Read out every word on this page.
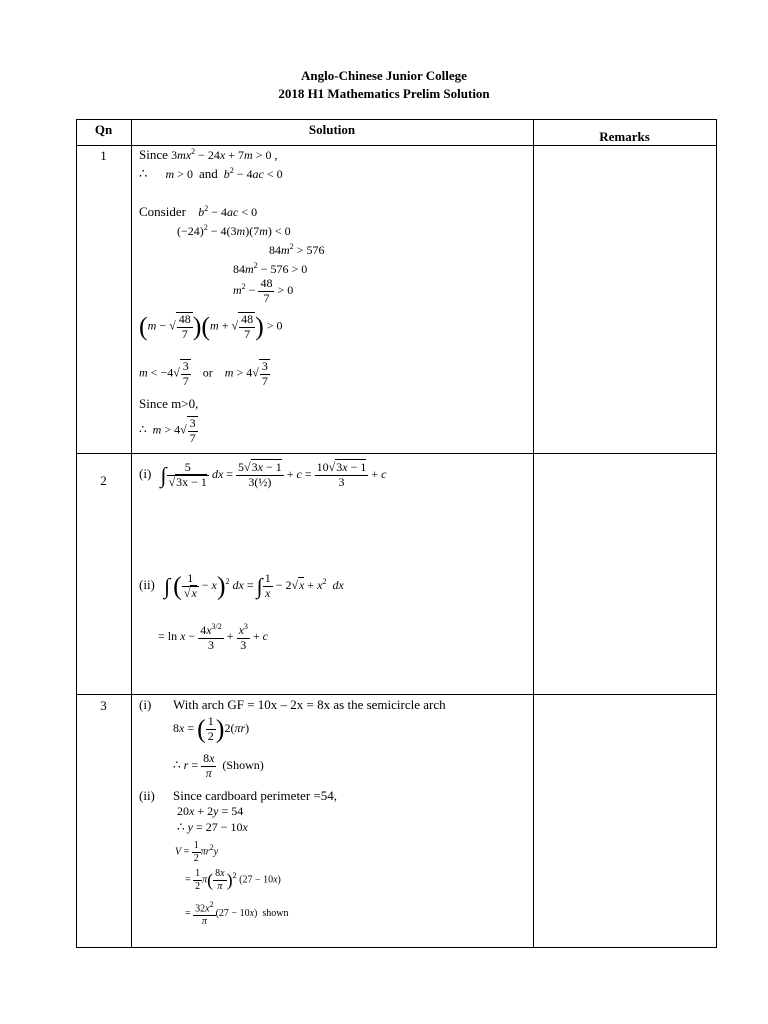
Anglo-Chinese Junior College
2018 H1 Mathematics Prelim Solution
Qn	Solution	Remarks
1	Since $3mx^2 - 24x + 7m > 0$ ,
∴ m > 0  and $b^2 - 4ac < 0$
Consider $b^2 - 4ac < 0$
$(-24)^2 - 4(3m)(7m) < 0$
$84m^2 > 576$
$84m^2 - 576 > 0$
$m^2 - \frac{48}{7} > 0$
(m − √ $\frac{48}{7} )(m$ + √ $\frac{48}{7}$ ) > 0
$m < -4√ \frac{3}{7}$ or $m > 4√ \frac{3}{7}$
Since m>0,
∴  $m > 4√ \frac{3}{7}$
2	(i) ∫ $\frac{5}{√3x - 1}$ dx = $\frac{5√3x - 1}{\text{3(½)}} + c = \frac{10√3x - 1}{3} + c$
(ii) ∫ ( $\frac{1}{√x} - x)^2$ dx = ∫ $\frac{1}{x} - 2√x + x^2$ dx
= $\ln x - \frac{4x^{3/2}}{3} + \frac{x^3}{3} + c$
3	(i) With arch GF = 10x – 2x = 8x as the semicircle arch
8x = ( $\frac{1}{2} )2(\pi r)$
∴ $r = \frac{8x}{\pi}$ (Shown)
(ii) Since cardboard perimeter =54,
20x + 2y = 54
∴ y = 27 − 10x
$V = \frac{1}{2} \pi r^2y$
= $\frac{1}{2} \pi( \frac{8x}{\pi} )^2$ (27 − 10x)
= $\frac{32x^2}{\pi} (27 - 10x)$  shown
